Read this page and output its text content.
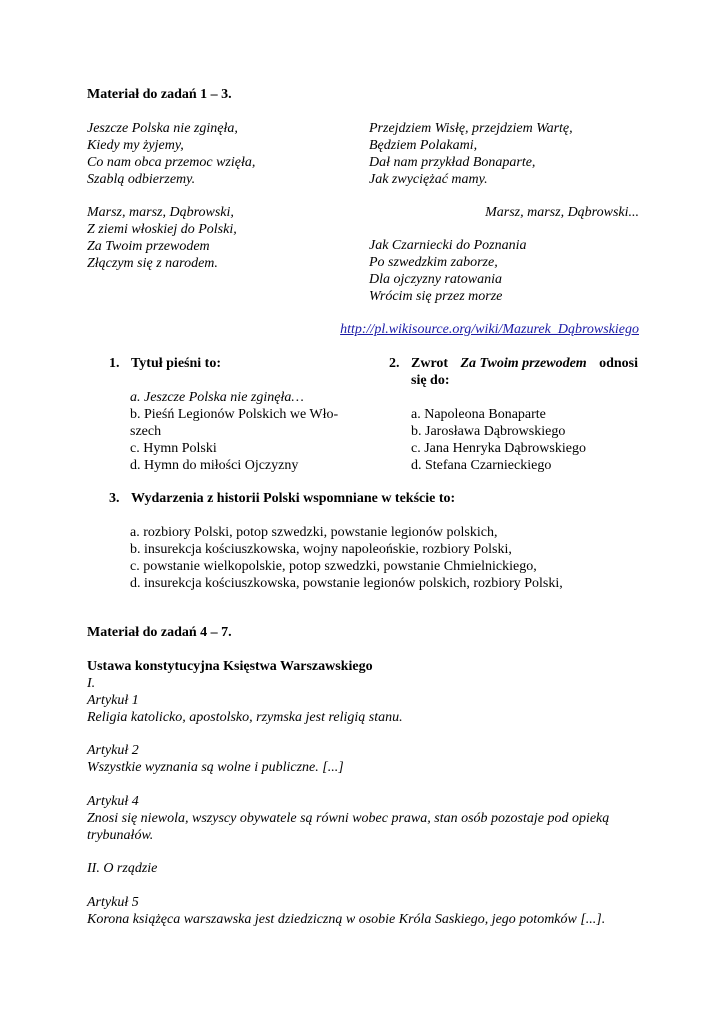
Materiał do zadań 1 – 3.
Jeszcze Polska nie zginęła,
Kiedy my żyjemy,
Co nam obca przemoc wzięła,
Szablą odbierzemy.
Przejdziem Wisłę, przejdziem Wartę,
Będziem Polakami,
Dał nam przykład Bonaparte,
Jak zwyciężać mamy.
Marsz, marsz, Dąbrowski,
Z ziemi włoskiej do Polski,
Za Twoim przewodem
Złączym się z narodem.
Marsz, marsz, Dąbrowski...
Jak Czarniecki do Poznania
Po szwedzkim zaborze,
Dla ojczyzny ratowania
Wrócim się przez morze
http://pl.wikisource.org/wiki/Mazurek_Dąbrowskiego
1. Tytuł pieśni to:
a. Jeszcze Polska nie zginęła…
b. Pieśń Legionów Polskich we Wło-
szech
c. Hymn Polski
d. Hymn do miłości Ojczyzny
2. Zwrot Za Twoim przewodem odnosi
się do:
a. Napoleona Bonaparte
b. Jarosława Dąbrowskiego
c. Jana Henryka Dąbrowskiego
d. Stefana Czarnieckiego
3. Wydarzenia z historii Polski wspomniane w tekście to:
a. rozbiory Polski, potop szwedzki, powstanie legionów polskich,
b. insurekcja kościuszkowska, wojny napoleońskie, rozbiory Polski,
c. powstanie wielkopolskie, potop szwedzki, powstanie Chmielnickiego,
d. insurekcja kościuszkowska, powstanie legionów polskich, rozbiory Polski,
Materiał do zadań 4 – 7.
Ustawa konstytucyjna Księstwa Warszawskiego
I.
Artykuł 1
Religia katolicko, apostolsko, rzymska jest religią stanu.
Artykuł 2
Wszystkie wyznania są wolne i publiczne. [...]
Artykuł 4
Znosi się niewola, wszyscy obywatele są równi wobec prawa, stan osób pozostaje pod opieką
trybunałów.
II. O rządzie
Artykuł 5
Korona książęca warszawska jest dziedziczną w osobie Króla Saskiego, jego potomków [...].
